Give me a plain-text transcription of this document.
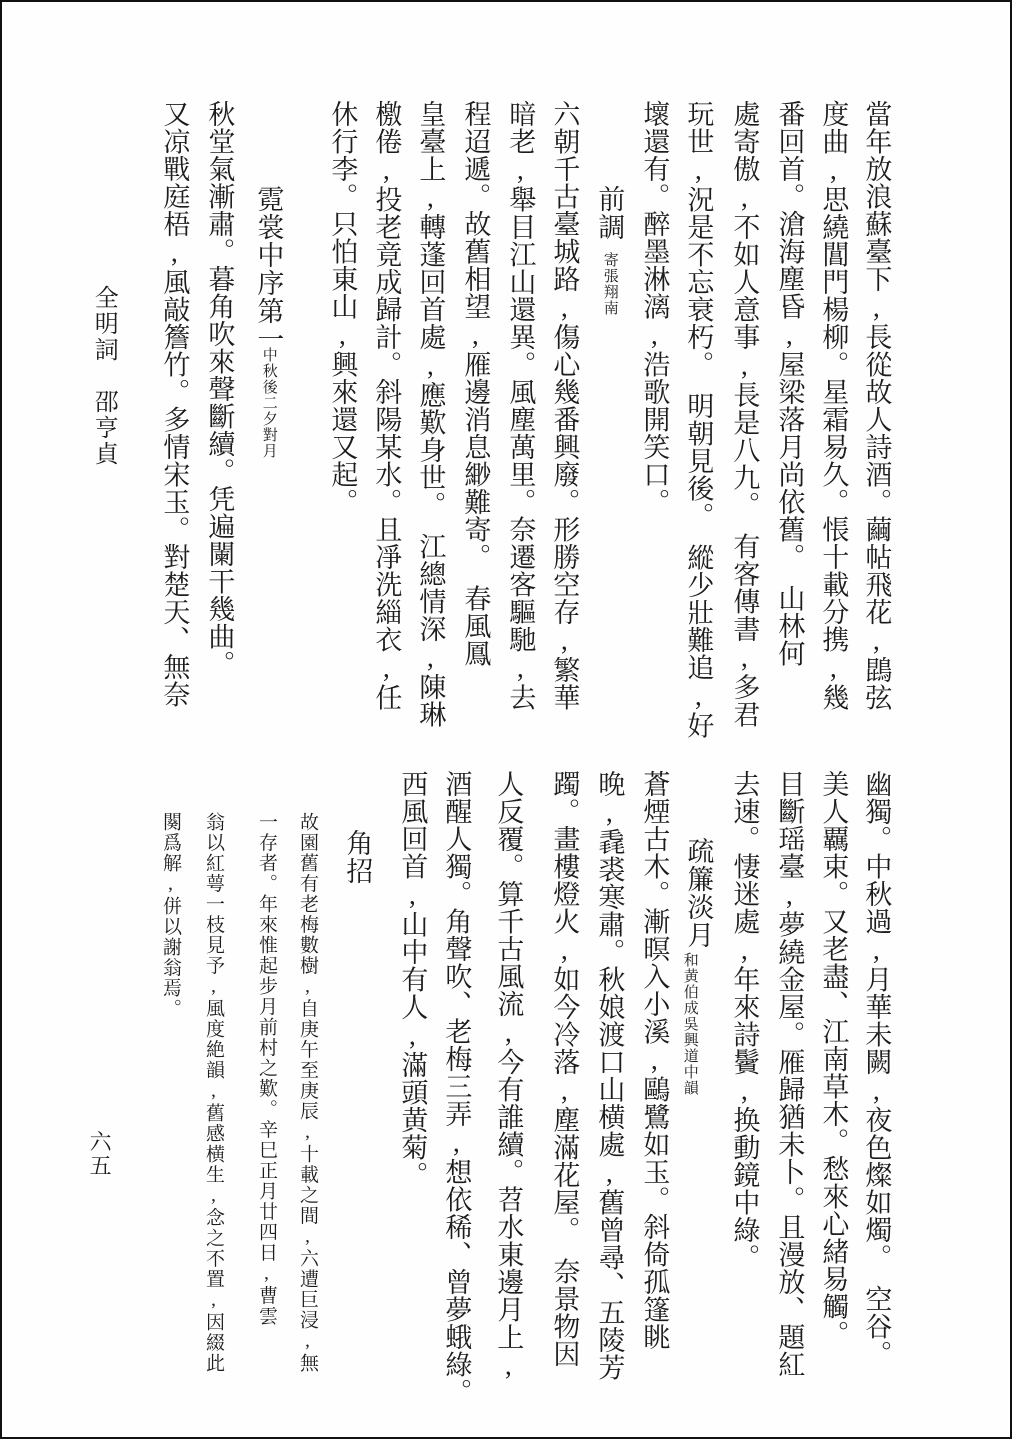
當年放浪蘇臺下,長從故人詩酒。繭帖飛花,鵾弦
度曲,思繞閶門楊柳。星霜易久。悵十載分携,幾
番回首。滄海塵昏,屋梁落月尚依舊。　山林何
處寄傲,不如人意事,長是八九。　有客傳書,多君
玩世,況是不忘衰朽。　明朝見後。　縱少壯難追,好
壞還有。醉墨淋漓,浩歌開笑口。
前調
寄張翔南
六朝千古臺城路,傷心幾番興廢。形勝空存,繁華
暗老,舉目江山還異。風塵萬里。奈遷客驅馳,去
程迢遞。故舊相望,雁邊消息緲難寄。　春風鳳
皇臺上,轉蓬回首處,應歎身世。　江總情深,陳琳
檄倦,投老竟成歸計。斜陽某水。且凈洗緇衣,任
休行李。只怕東山,興來還又起。
霓裳中序第一
中秋後二夕對月
秋堂氣漸肅。暮角吹來聲斷續。凭遍闌干幾曲。
又凉戰庭梧,風敲簷竹。多情宋玉。對楚天、無奈
全明詞　邵亨貞
幽獨。中秋過,月華未闕,夜色燦如燭。　空谷。
美人覊束。又老盡、江南草木。愁來心緒易觸。
目斷瑶臺,夢繞金屋。雁歸猶未卜。且漫放、題紅
去速。悽迷處,年來詩鬢,换動鏡中綠。
疏簾淡月
和黄伯成吳興道中韻
蒼煙古木。漸暝入小溪,鷗鷺如玉。斜倚孤篷眺
晚,毳裘寒肅。秋娘渡口山横處,舊曾尋、五陵芳
躅。畫樓燈火,如今冷落,塵滿花屋。　奈景物因
人反覆。算千古風流,今有誰續。苕水東邊月上,
酒醒人獨。角聲吹、老梅三弄,想依稀、曾夢蛾綠。
西風回首,山中有人,滿頭黄菊。
角招
故園舊有老梅數樹,自庚午至庚辰,十載之間,六遭巨浸,無
一存者。年來惟起步月前村之歎。辛巳正月廿四日,曹雲
翁以紅萼一枝見予,風度絶韻,舊感横生,念之不置,因綴此
闋爲解,併以謝翁焉。
六五
